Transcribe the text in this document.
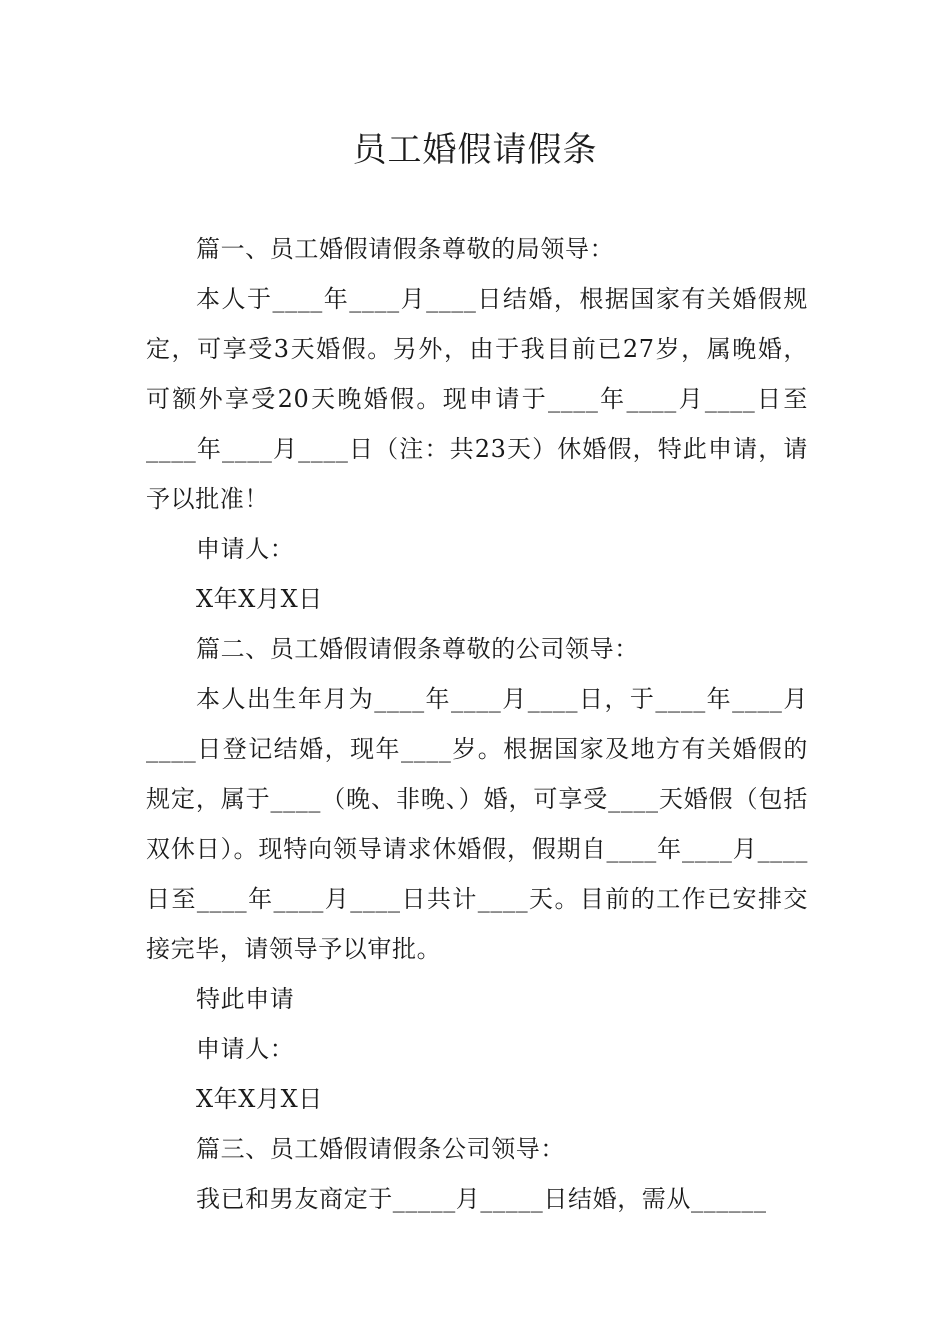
员工婚假请假条

篇一、员工婚假请假条尊敬的局领导：

本人于____年____月____日结婚，根据国家有关婚假规定，可享受3天婚假。另外，由于我目前已27岁，属晚婚，可额外享受20天晚婚假。现申请于____年____月____日至____年____月____日（注：共23天）休婚假，特此申请，请予以批准！

申请人：

X年X月X日

篇二、员工婚假请假条尊敬的公司领导：

本人出生年月为____年____月____日，于____年____月____日登记结婚，现年____岁。根据国家及地方有关婚假的规定，属于____（晚、非晚、）婚，可享受____天婚假（包括双休日）。现特向领导请求休婚假，假期自____年____月____日至____年____月____日共计____天。目前的工作已安排交接完毕，请领导予以审批。

特此申请

申请人：

X年X月X日

篇三、员工婚假请假条公司领导：

我已和男友商定于_____月_____日结婚，需从______
